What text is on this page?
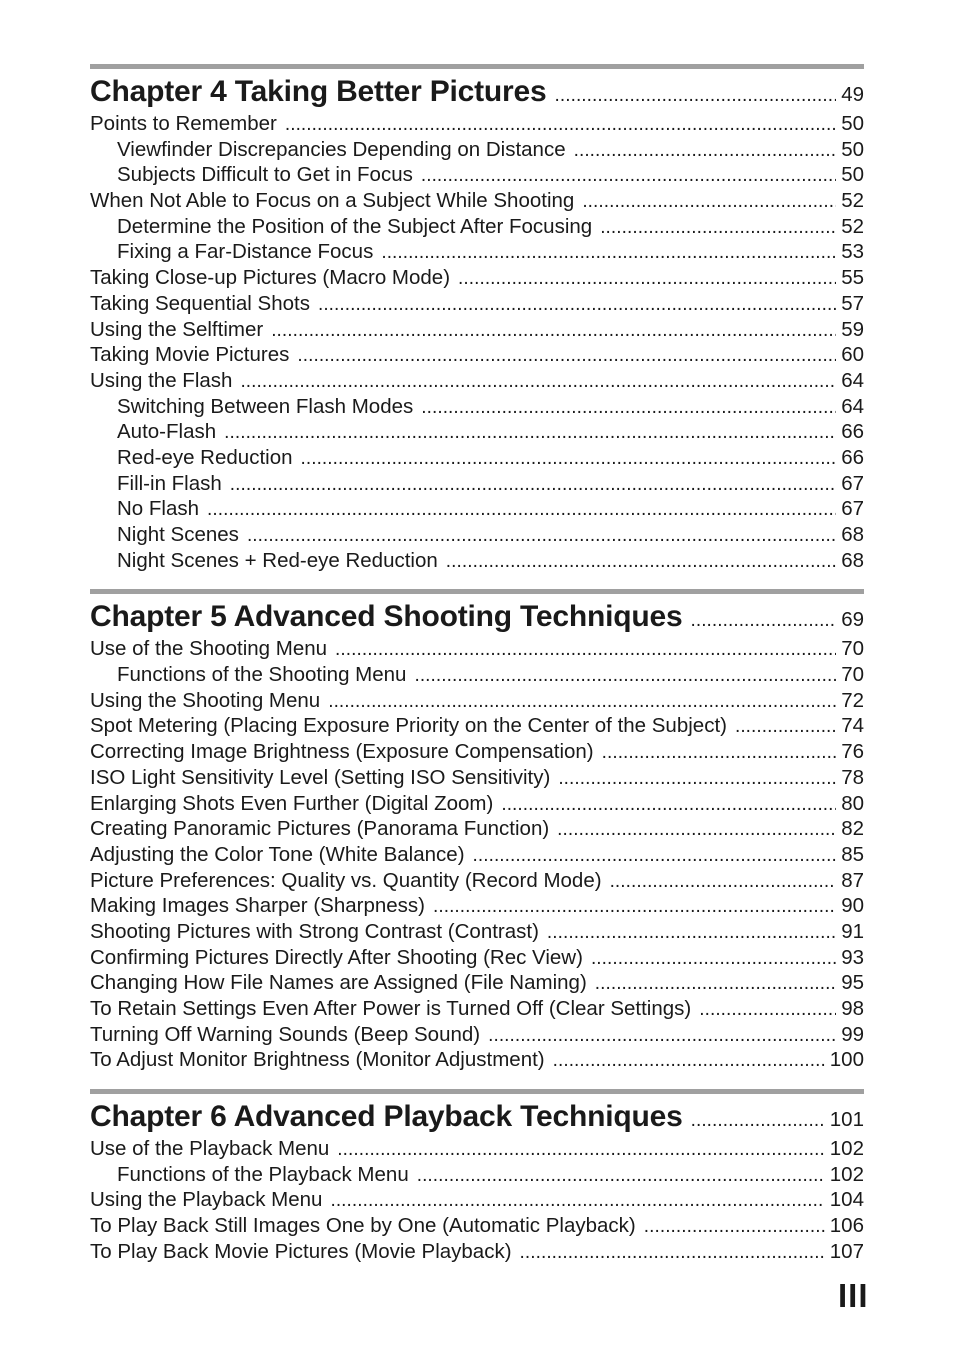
Chapter 4 Taking Better Pictures . . .	49
Points to Remember . . .	50
Viewfinder Discrepancies Depending on Distance . . .	50
Subjects Difficult to Get in Focus . . .	50
When Not Able to Focus on a Subject While Shooting . . .	52
Determine the Position of the Subject After Focusing . . .	52
Fixing a Far-Distance Focus . . .	53
Taking Close-up Pictures (Macro Mode) . . .	55
Taking Sequential Shots . . .	57
Using the Selftimer . . .	59
Taking Movie Pictures . . .	60
Using the Flash . . .	64
Switching Between Flash Modes . . .	64
Auto-Flash . . .	66
Red-eye Reduction . . .	66
Fill-in Flash . . .	67
No Flash . . .	67
Night Scenes . . .	68
Night Scenes + Red-eye Reduction . . .	68
Chapter 5 Advanced Shooting Techniques . . .	69
Use of the Shooting Menu . . .	70
Functions of the Shooting Menu . . .	70
Using the Shooting Menu . . .	72
Spot Metering (Placing Exposure Priority on the Center of the Subject) . . .	74
Correcting Image Brightness (Exposure Compensation) . . .	76
ISO Light Sensitivity Level (Setting ISO Sensitivity) . . .	78
Enlarging Shots Even Further (Digital Zoom) . . .	80
Creating Panoramic Pictures (Panorama Function) . . .	82
Adjusting the Color Tone (White Balance) . . .	85
Picture Preferences: Quality vs. Quantity (Record Mode) . . .	87
Making Images Sharper (Sharpness) . . .	90
Shooting Pictures with Strong Contrast (Contrast) . . .	91
Confirming Pictures Directly After Shooting (Rec View) . . .	93
Changing How File Names are Assigned (File Naming) . . .	95
To Retain Settings Even After Power is Turned Off (Clear Settings) . . .	98
Turning Off Warning Sounds (Beep Sound) . . .	99
To Adjust Monitor Brightness (Monitor Adjustment) . . .	100
Chapter 6 Advanced Playback Techniques . . .	101
Use of the Playback Menu . . .	102
Functions of the Playback Menu . . .	102
Using the Playback Menu . . .	104
To Play Back Still Images One by One (Automatic Playback) . . .	106
To Play Back Movie Pictures (Movie Playback) . . .	107
III
